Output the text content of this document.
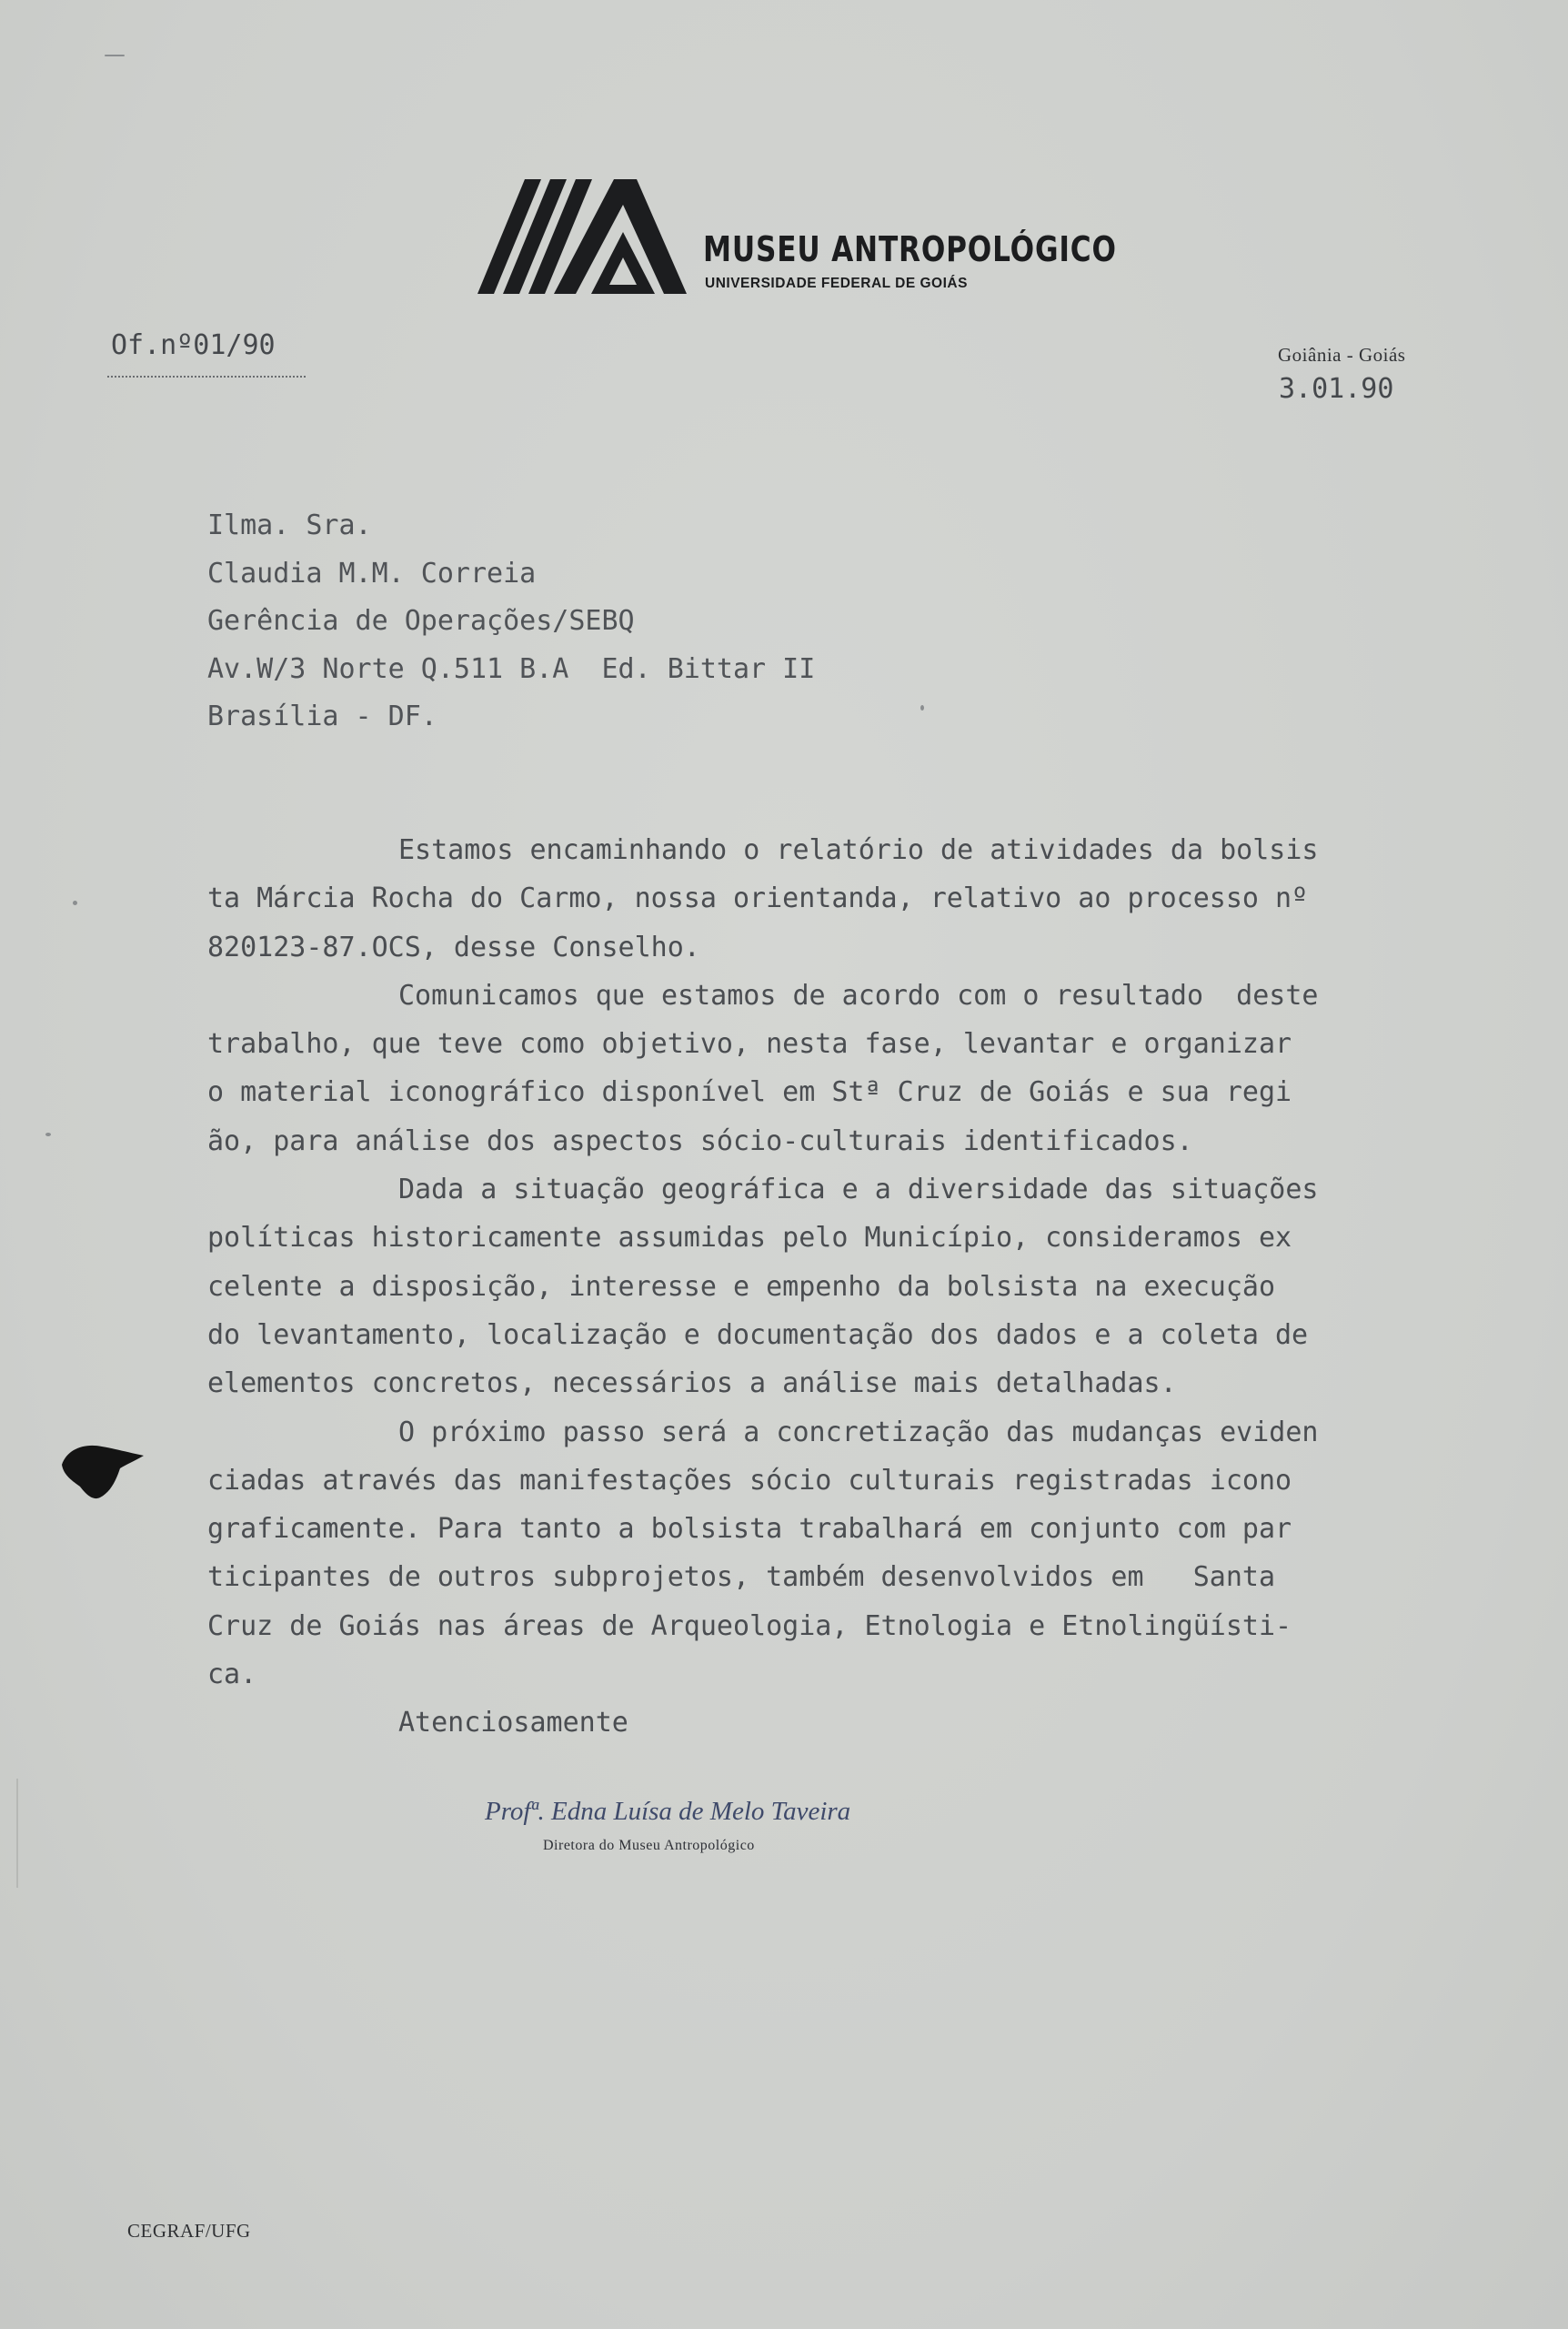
MUSEU ANTROPOLÓGICO
UNIVERSIDADE FEDERAL DE GOIÁS
Of.nº01/90	Goiânia - Goiás
3.01.90
Ilma. Sra.
Claudia M.M. Correia
Gerência de Operações/SEBQ
Av.W/3 Norte Q.511 B.A  Ed. Bittar II
Brasília - DF.
Estamos encaminhando o relatório de atividades da bolsis
ta Márcia Rocha do Carmo, nossa orientanda, relativo ao processo nº
820123-87.OCS, desse Conselho.
Comunicamos que estamos de acordo com o resultado  deste
trabalho, que teve como objetivo, nesta fase, levantar e organizar
o material iconográfico disponível em Stª Cruz de Goiás e sua regi
ão, para análise dos aspectos sócio-culturais identificados.
Dada a situação geográfica e a diversidade das situações
políticas historicamente assumidas pelo Município, consideramos ex
celente a disposição, interesse e empenho da bolsista na execução
do levantamento, localização e documentação dos dados e a coleta de
elementos concretos, necessários a análise mais detalhadas.
O próximo passo será a concretização das mudanças eviden
ciadas através das manifestações sócio culturais registradas icono
graficamente. Para tanto a bolsista trabalhará em conjunto com par
ticipantes de outros subprojetos, também desenvolvidos em   Santa
Cruz de Goiás nas áreas de Arqueologia, Etnologia e Etnolingüísti-
ca.
Atenciosamente
Profª. Edna Luísa de Melo Taveira
Diretora do Museu Antropológico
CEGRAF/UFG
